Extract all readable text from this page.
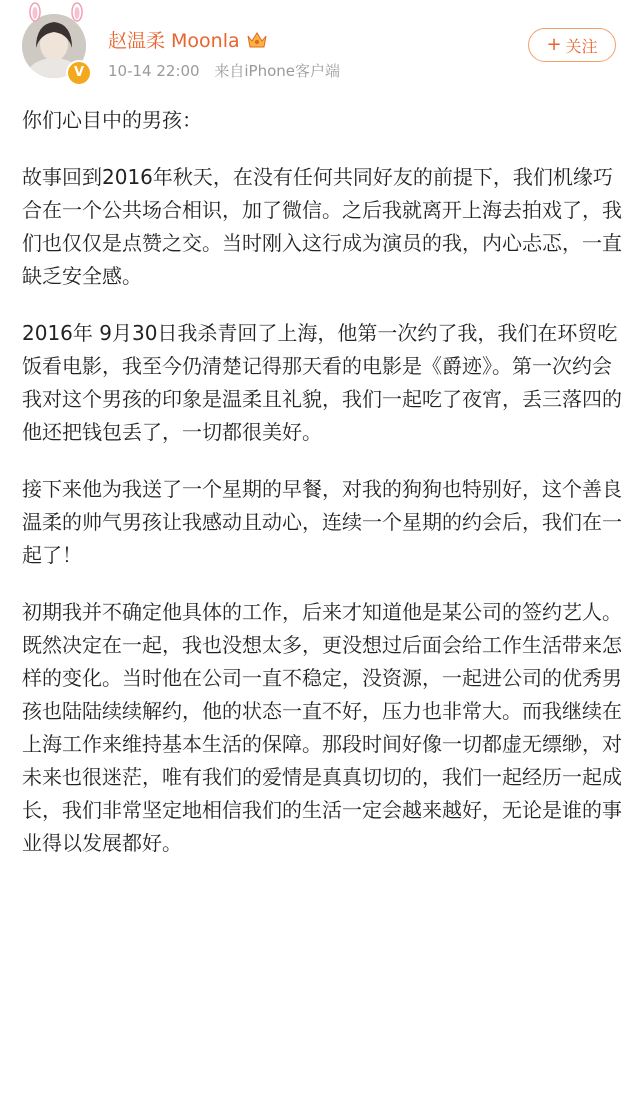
V
赵温柔 Moonla
10-14 22:00 来自iPhone客户端
+ 关注

你们心目中的男孩：

故事回到2016年秋天，在没有任何共同好友的前提下，我们机缘巧合在一个公共场合相识，加了微信。之后我就离开上海去拍戏了，我们也仅仅是点赞之交。当时刚入这行成为演员的我，内心忐忑，一直缺乏安全感。

2016年 9月30日我杀青回了上海，他第一次约了我，我们在环贸吃饭看电影，我至今仍清楚记得那天看的电影是《爵迹》。第一次约会我对这个男孩的印象是温柔且礼貌，我们一起吃了夜宵，丢三落四的他还把钱包丢了，一切都很美好。

接下来他为我送了一个星期的早餐，对我的狗狗也特别好，这个善良温柔的帅气男孩让我感动且动心，连续一个星期的约会后，我们在一起了！

初期我并不确定他具体的工作，后来才知道他是某公司的签约艺人。既然决定在一起，我也没想太多，更没想过后面会给工作生活带来怎样的变化。当时他在公司一直不稳定，没资源，一起进公司的优秀男孩也陆陆续续解约，他的状态一直不好，压力也非常大。而我继续在上海工作来维持基本生活的保障。那段时间好像一切都虚无缥缈，对未来也很迷茫，唯有我们的爱情是真真切切的，我们一起经历一起成长，我们非常坚定地相信我们的生活一定会越来越好，无论是谁的事业得以发展都好。
